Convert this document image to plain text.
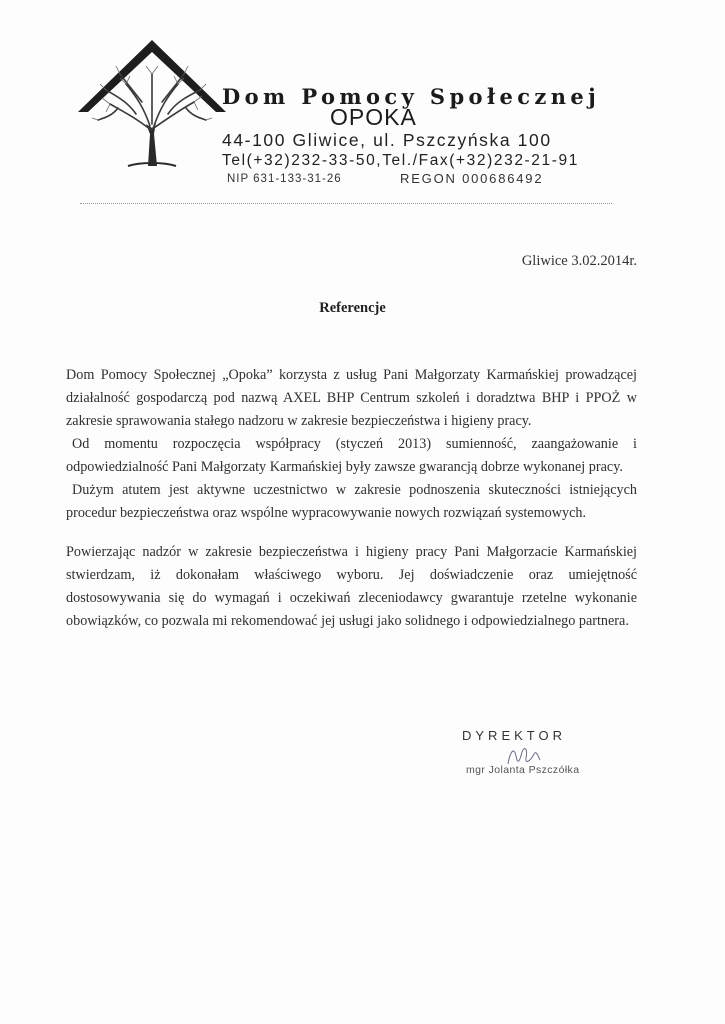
Dom Pomocy Społecznej
OPOKA
44-100 Gliwice, ul. Pszczyńska 100
Tel(+32)232-33-50,Tel./Fax(+32)232-21-91
NIP 631-133-31-26	REGON 000686492
Gliwice 3.02.2014r.
Referencje

Dom Pomocy Społecznej „Opoka” korzysta z usług Pani Małgorzaty Karmańskiej prowadzącej działalność gospodarczą pod nazwą AXEL BHP Centrum szkoleń i doradztwa BHP i PPOŻ w zakresie sprawowania stałego nadzoru w zakresie bezpieczeństwa i higieny pracy.

Od momentu rozpoczęcia współpracy (styczeń 2013) sumienność, zaangażowanie i odpowiedzialność Pani Małgorzaty Karmańskiej były zawsze gwarancją dobrze wykonanej pracy.

Dużym atutem jest aktywne uczestnictwo w zakresie podnoszenia skuteczności istniejących procedur bezpieczeństwa oraz wspólne wypracowywanie nowych rozwiązań systemowych.

Powierzając nadzór w zakresie bezpieczeństwa i higieny pracy Pani Małgorzacie Karmańskiej stwierdzam, iż dokonałam właściwego wyboru. Jej doświadczenie oraz umiejętność dostosowywania się do wymagań i oczekiwań zleceniodawcy gwarantuje rzetelne wykonanie obowiązków, co pozwala mi rekomendować jej usługi jako solidnego i odpowiedzialnego partnera.

DYREKTOR
mgr Jolanta Pszczółka
